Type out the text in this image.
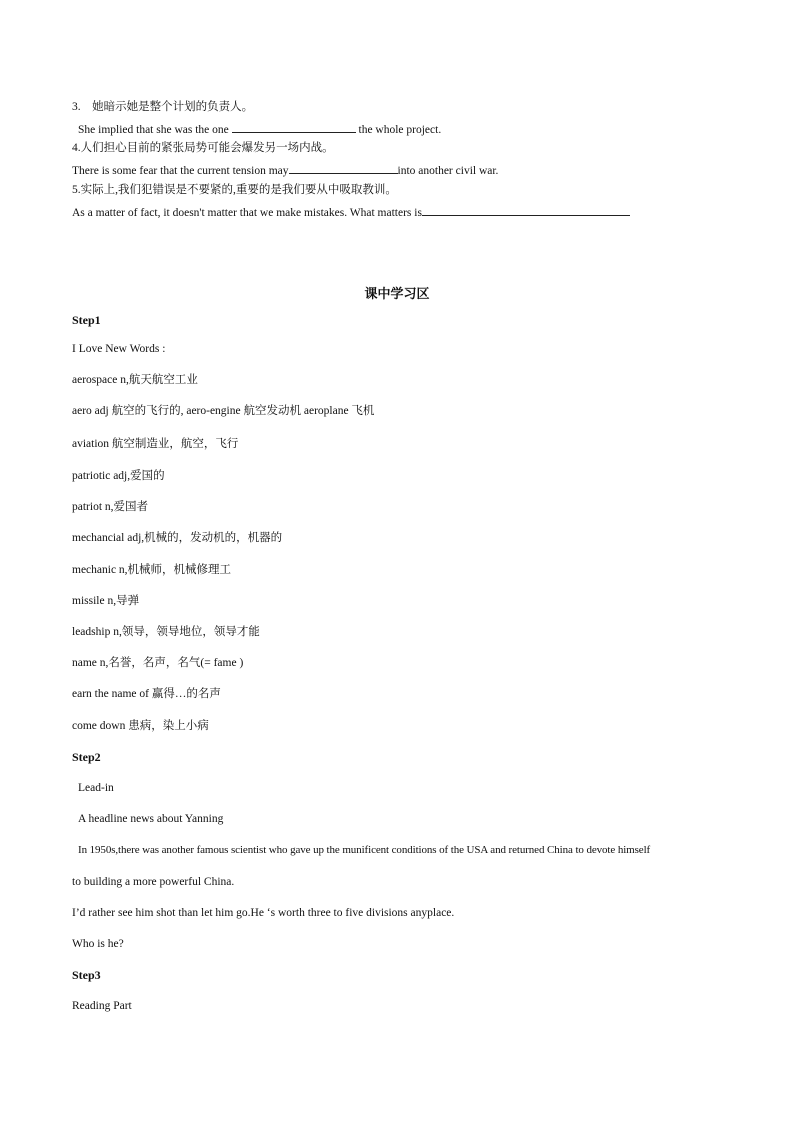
3.　她暗示她是整个计划的负责人。
She implied that she was the one	the whole project.
4.人们担心目前的紧张局势可能会爆发另一场内战。
There is some fear that the current tension may	into another civil war.
5.实际上,我们犯错误是不要紧的,重要的是我们要从中吸取教训。
As a matter of fact, it doesn't matter that we make mistakes. What matters is
课中学习区
Step1
I Love New Words :
aerospace n,航天航空工业
aero adj 航空的飞行的, aero-engine 航空发动机 aeroplane 飞机
aviation 航空制造业，航空，飞行
patriotic adj,爱国的
patriot n,爱国者
mechancial adj,机械的，发动机的，机器的
mechanic n,机械师，机械修理工
missile n,导弹
leadship n,领导，领导地位，领导才能
name n,名誉，名声，名气(= fame )
earn the name of 赢得…的名声
come down 患病，染上小病
Step2
Lead-in
A headline news about Yanning
In 1950s,there was another famous scientist who gave up the munificent conditions of the USA and returned China to devote himself
to building a more powerful China.
I’d rather see him shot than let him go.He ‘s worth three to five divisions anyplace.
Who is he?
Step3
Reading Part
